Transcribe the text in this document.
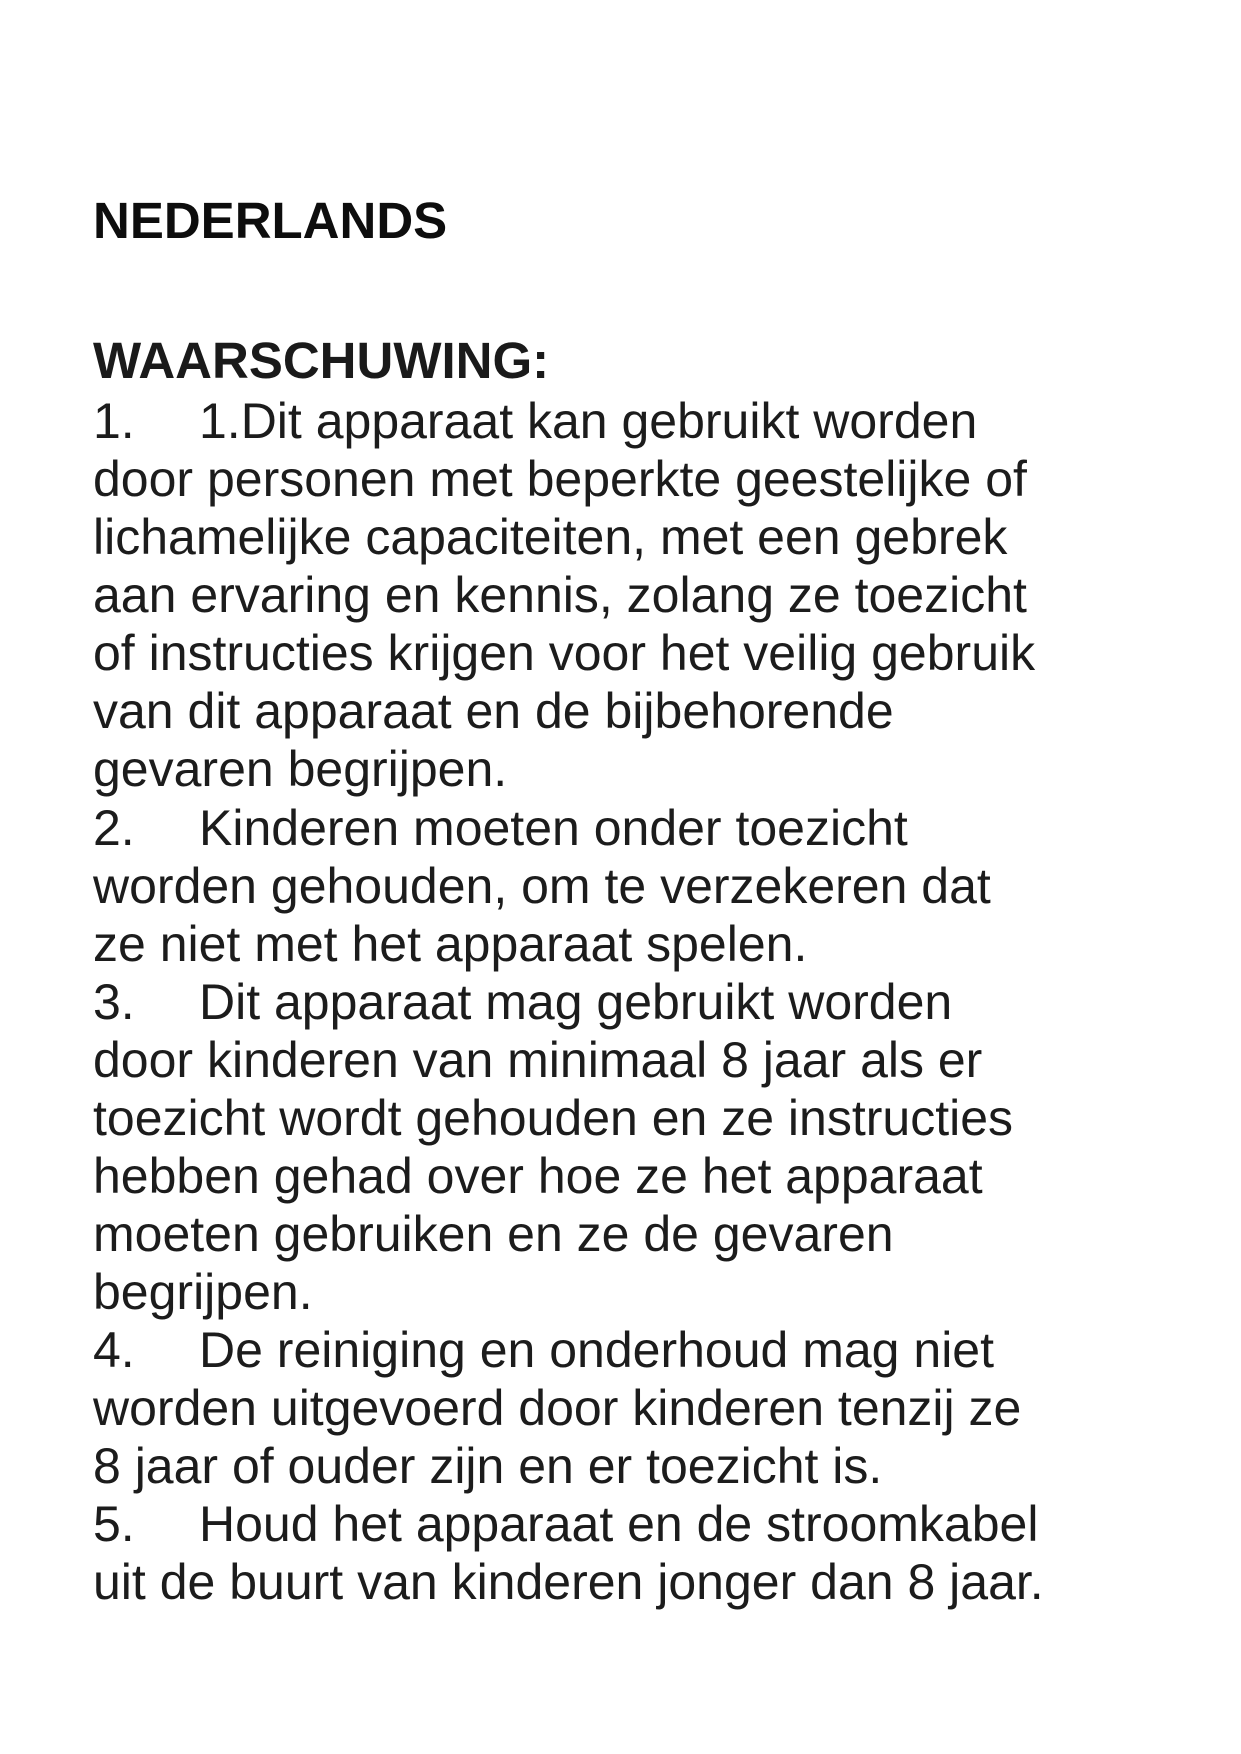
NEDERLANDS
WAARSCHUWING:

1. 1.Dit apparaat kan gebruikt worden

door personen met beperkte geestelijke of

lichamelijke capaciteiten, met een gebrek

aan ervaring en kennis, zolang ze toezicht

of instructies krijgen voor het veilig gebruik

van dit apparaat en de bijbehorende

gevaren begrijpen.

2. Kinderen moeten onder toezicht

worden gehouden, om te verzekeren dat

ze niet met het apparaat spelen.

3. Dit apparaat mag gebruikt worden

door kinderen van minimaal 8 jaar als er

toezicht wordt gehouden en ze instructies

hebben gehad over hoe ze het apparaat

moeten gebruiken en ze de gevaren

begrijpen.

4. De reiniging en onderhoud mag niet

worden uitgevoerd door kinderen tenzij ze

8 jaar of ouder zijn en er toezicht is.

5. Houd het apparaat en de stroomkabel

uit de buurt van kinderen jonger dan 8 jaar.
